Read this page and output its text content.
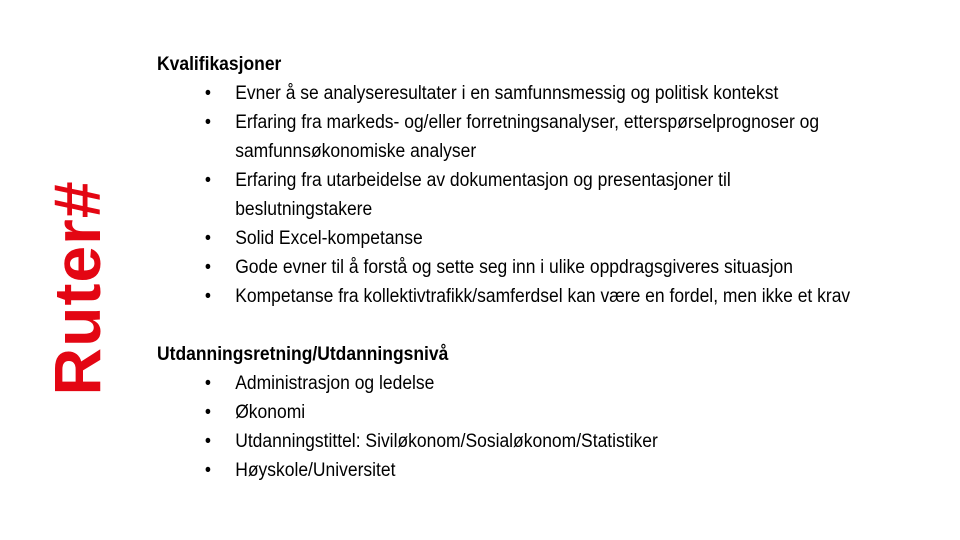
Ruter#
Kvalifikasjoner
• Evner å se analyseresultater i en samfunnsmessig og politisk kontekst
• Erfaring fra markeds- og/eller forretningsanalyser, etterspørselprognoser og samfunnsøkonomiske analyser
• Erfaring fra utarbeidelse av dokumentasjon og presentasjoner til beslutningstakere
• Solid Excel-kompetanse
• Gode evner til å forstå og sette seg inn i ulike oppdragsgiveres situasjon
• Kompetanse fra kollektivtrafikk/samferdsel kan være en fordel, men ikke et krav
Utdanningsretning/Utdanningsnivå
• Administrasjon og ledelse
• Økonomi
• Utdanningstittel: Siviløkonom/Sosialøkonom/Statistiker
• Høyskole/Universitet
